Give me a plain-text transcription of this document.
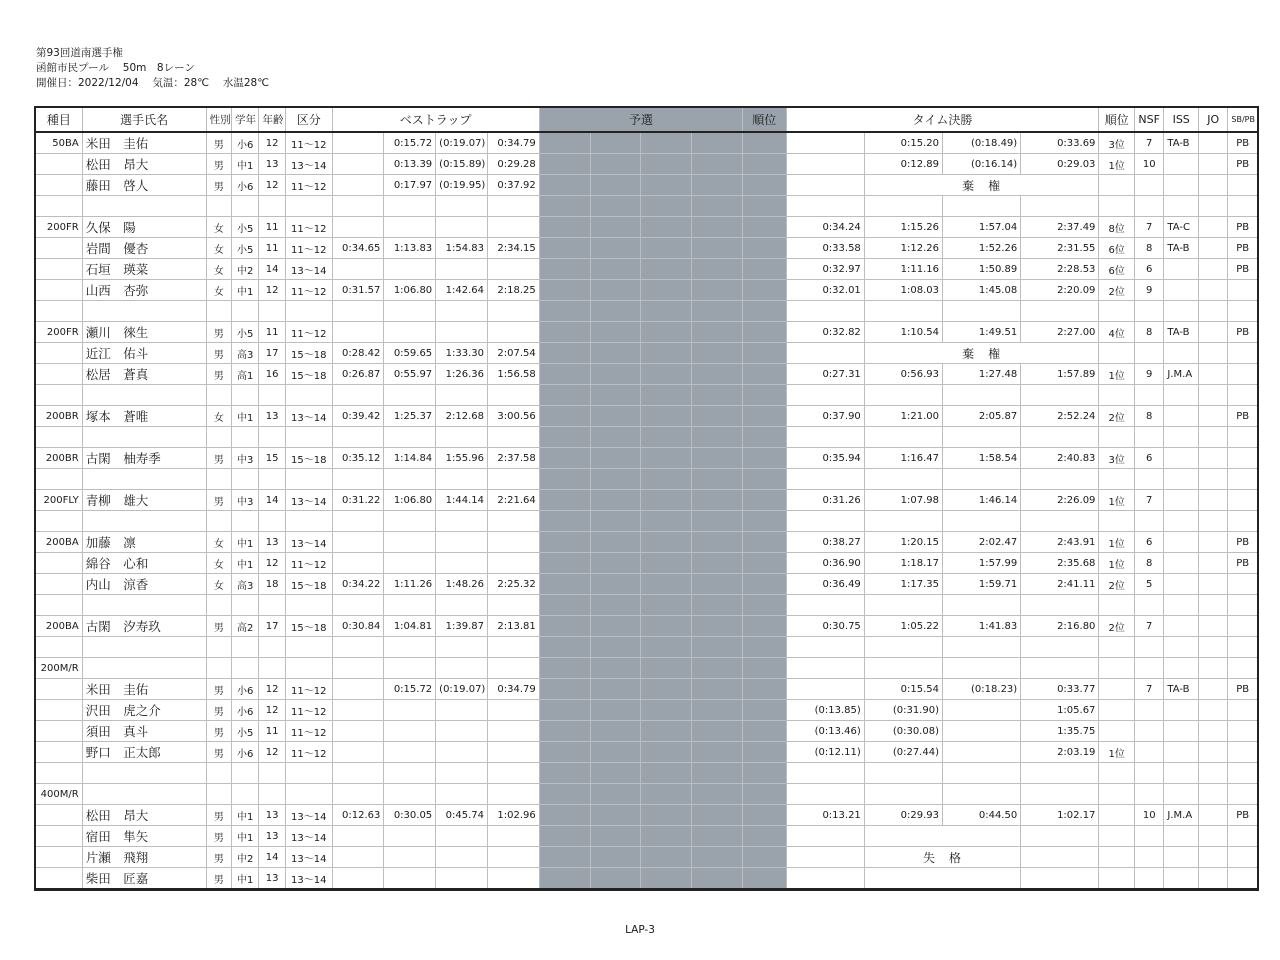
第93回道南選手権
函館市民プール　 50m　8レーン
開催日：2022/12/04　 気温：28℃　 水温28℃
種目	選手氏名	性別	学年	年齢	区分	ベストラップ				予選				順位	タイム決勝				順位	NSF	ISS	JO	SB/PB
50BA	米田　圭佑	男	小6	12	11～12		0:15.72	(0:19.07)	0:34.79							0:15.20	(0:18.49)	0:33.69	3位	7	TA-B		PB
	松田　昂大	男	中1	13	13～14		0:13.39	(0:15.89)	0:29.28							0:12.89	(0:16.14)	0:29.03	1位	10			PB
	藤田　啓人	男	小6	12	11～12		0:17.97	(0:19.95)	0:37.92							棄　権							

200FR	久保　陽	女	小5	11	11～12										0:34.24	1:15.26	1:57.04	2:37.49	8位	7	TA-C		PB
	岩間　優杏	女	小5	11	11～12	0:34.65	1:13.83	1:54.83	2:34.15						0:33.58	1:12.26	1:52.26	2:31.55	6位	8	TA-B		PB
	石垣　瑛菜	女	中2	14	13～14										0:32.97	1:11.16	1:50.89	2:28.53	6位	6			PB
	山西　杏弥	女	中1	12	11～12	0:31.57	1:06.80	1:42.64	2:18.25						0:32.01	1:08.03	1:45.08	2:20.09	2位	9			

200FR	瀬川　徠生	男	小5	11	11～12										0:32.82	1:10.54	1:49.51	2:27.00	4位	8	TA-B		PB
	近江　佑斗	男	高3	17	15～18	0:28.42	0:59.65	1:33.30	2:07.54							棄　権							
	松居　蒼真	男	高1	16	15～18	0:26.87	0:55.97	1:26.36	1:56.58						0:27.31	0:56.93	1:27.48	1:57.89	1位	9	J.M.A		

200BR	塚本　蒼唯	女	中1	13	13～14	0:39.42	1:25.37	2:12.68	3:00.56						0:37.90	1:21.00	2:05.87	2:52.24	2位	8			PB

200BR	古閑　柚寿季	男	中3	15	15～18	0:35.12	1:14.84	1:55.96	2:37.58						0:35.94	1:16.47	1:58.54	2:40.83	3位	6			

200FLY	青柳　雄大	男	中3	14	13～14	0:31.22	1:06.80	1:44.14	2:21.64						0:31.26	1:07.98	1:46.14	2:26.09	1位	7			

200BA	加藤　凛	女	中1	13	13～14										0:38.27	1:20.15	2:02.47	2:43.91	1位	6			PB
	綿谷　心和	女	中1	12	11～12										0:36.90	1:18.17	1:57.99	2:35.68	1位	8			PB
	内山　涼香	女	高3	18	15～18	0:34.22	1:11.26	1:48.26	2:25.32						0:36.49	1:17.35	1:59.71	2:41.11	2位	5			

200BA	古閑　汐寿玖	男	高2	17	15～18	0:30.84	1:04.81	1:39.87	2:13.81						0:30.75	1:05.22	1:41.83	2:16.80	2位	7			

200M/R																							
	米田　圭佑	男	小6	12	11～12		0:15.72	(0:19.07)	0:34.79							0:15.54	(0:18.23)	0:33.77		7	TA-B		PB
	沢田　虎之介	男	小6	12	11～12										(0:13.85)	(0:31.90)		1:05.67					
	須田　真斗	男	小5	11	11～12										(0:13.46)	(0:30.08)		1:35.75					
	野口　正太郎	男	小6	12	11～12										(0:12.11)	(0:27.44)		2:03.19	1位				

400M/R																							
	松田　昂大	男	中1	13	13～14	0:12.63	0:30.05	0:45.74	1:02.96						0:13.21	0:29.93	0:44.50	1:02.17		10	J.M.A		PB
	宿田　隼矢	男	中1	13	13～14																		
	片瀬　飛翔	男	中2	14	13～14											失　格							
	柴田　匠嘉	男	中1	13	13～14																		
LAP-3
